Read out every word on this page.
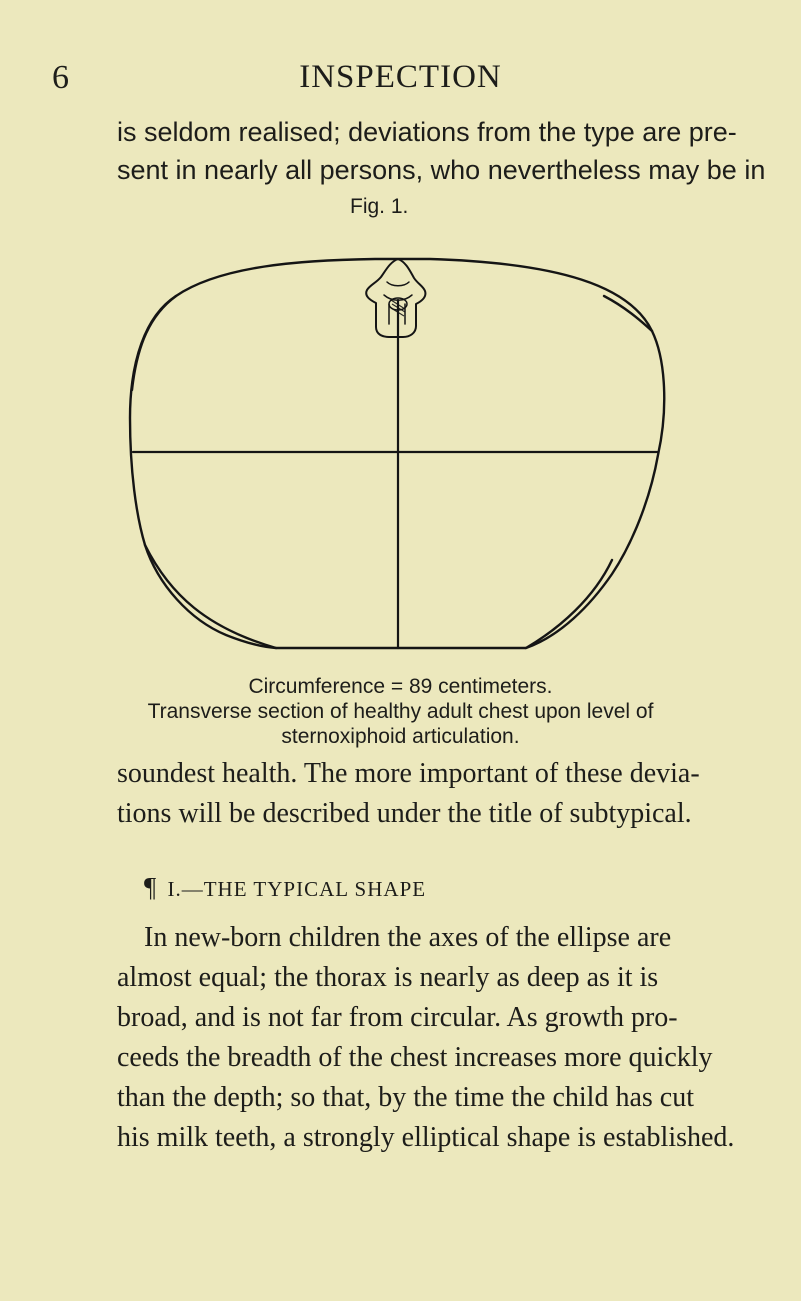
6	INSPECTION
is seldom realised; deviations from the type are pre-
sent in nearly all persons, who nevertheless may be in
Fig. 1.
Circumference = 89 centimeters.
Transverse section of healthy adult chest upon level of
sternoxiphoid articulation.
soundest health. The more important of these devia-
tions will be described under the title of subtypical.
¶ I.—THE TYPICAL SHAPE
In new-born children the axes of the ellipse are
almost equal; the thorax is nearly as deep as it is
broad, and is not far from circular. As growth pro-
ceeds the breadth of the chest increases more quickly
than the depth; so that, by the time the child has cut
his milk teeth, a strongly elliptical shape is established.
